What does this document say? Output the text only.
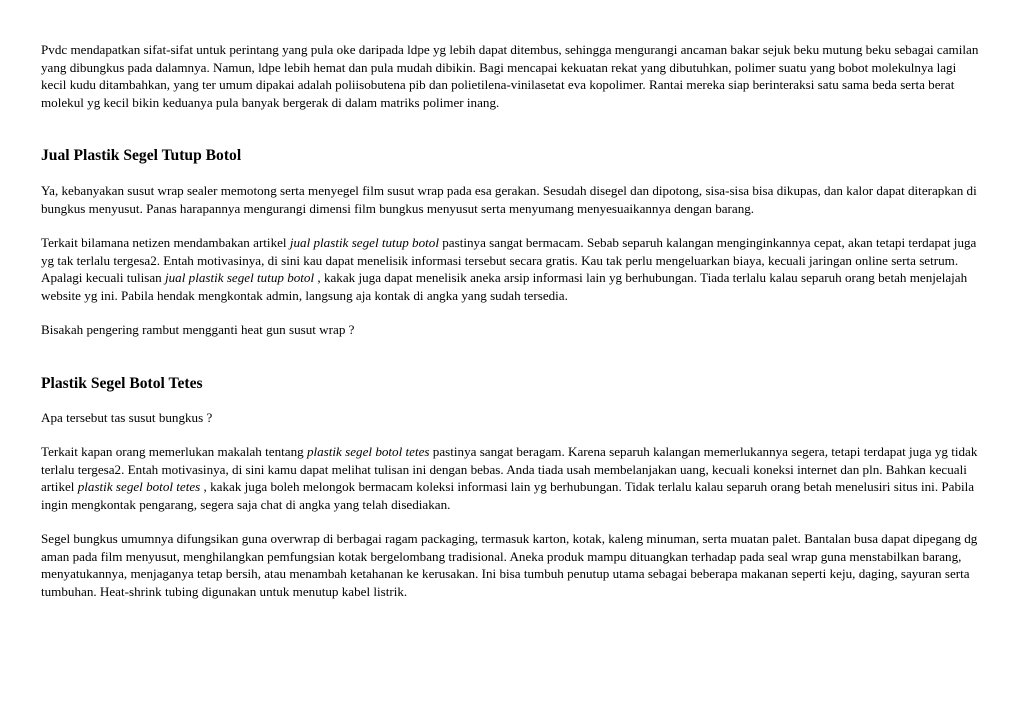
Pvdc mendapatkan sifat-sifat untuk perintang yang pula oke daripada ldpe yg lebih dapat ditembus, sehingga mengurangi ancaman bakar sejuk beku mutung beku sebagai camilan yang dibungkus pada dalamnya. Namun, ldpe lebih hemat dan pula mudah dibikin. Bagi mencapai kekuatan rekat yang dibutuhkan, polimer suatu yang bobot molekulnya lagi kecil kudu ditambahkan, yang ter umum dipakai adalah poliisobutena pib dan polietilena-vinilasetat eva kopolimer. Rantai mereka siap berinteraksi satu sama beda serta berat molekul yg kecil bikin keduanya pula banyak bergerak di dalam matriks polimer inang.

Jual Plastik Segel Tutup Botol

Ya, kebanyakan susut wrap sealer memotong serta menyegel film susut wrap pada esa gerakan. Sesudah disegel dan dipotong, sisa-sisa bisa dikupas, dan kalor dapat diterapkan di bungkus menyusut. Panas harapannya mengurangi dimensi film bungkus menyusut serta menyumang menyesuaikannya dengan barang.

Terkait bilamana netizen mendambakan artikel jual plastik segel tutup botol pastinya sangat bermacam. Sebab separuh kalangan menginginkannya cepat, akan tetapi terdapat juga yg tak terlalu tergesa2. Entah motivasinya, di sini kau dapat menelisik informasi tersebut secara gratis. Kau tak perlu mengeluarkan biaya, kecuali jaringan online serta setrum. Apalagi kecuali tulisan jual plastik segel tutup botol , kakak juga dapat menelisik aneka arsip informasi lain yg berhubungan. Tiada terlalu kalau separuh orang betah menjelajah website yg ini. Pabila hendak mengkontak admin, langsung aja kontak di angka yang sudah tersedia.

Bisakah pengering rambut mengganti heat gun susut wrap ?

Plastik Segel Botol Tetes

Apa tersebut tas susut bungkus ?

Terkait kapan orang memerlukan makalah tentang plastik segel botol tetes pastinya sangat beragam. Karena separuh kalangan memerlukannya segera, tetapi terdapat juga yg tidak terlalu tergesa2. Entah motivasinya, di sini kamu dapat melihat tulisan ini dengan bebas. Anda tiada usah membelanjakan uang, kecuali koneksi internet dan pln. Bahkan kecuali artikel plastik segel botol tetes , kakak juga boleh melongok bermacam koleksi informasi lain yg berhubungan. Tidak terlalu kalau separuh orang betah menelusiri situs ini. Pabila ingin mengkontak pengarang, segera saja chat di angka yang telah disediakan.

Segel bungkus umumnya difungsikan guna overwrap di berbagai ragam packaging, termasuk karton, kotak, kaleng minuman, serta muatan palet. Bantalan busa dapat dipegang dg aman pada film menyusut, menghilangkan pemfungsian kotak bergelombang tradisional. Aneka produk mampu dituangkan terhadap pada seal wrap guna menstabilkan barang, menyatukannya, menjaganya tetap bersih, atau menambah ketahanan ke kerusakan. Ini bisa tumbuh penutup utama sebagai beberapa makanan seperti keju, daging, sayuran serta tumbuhan. Heat-shrink tubing digunakan untuk menutup kabel listrik.
